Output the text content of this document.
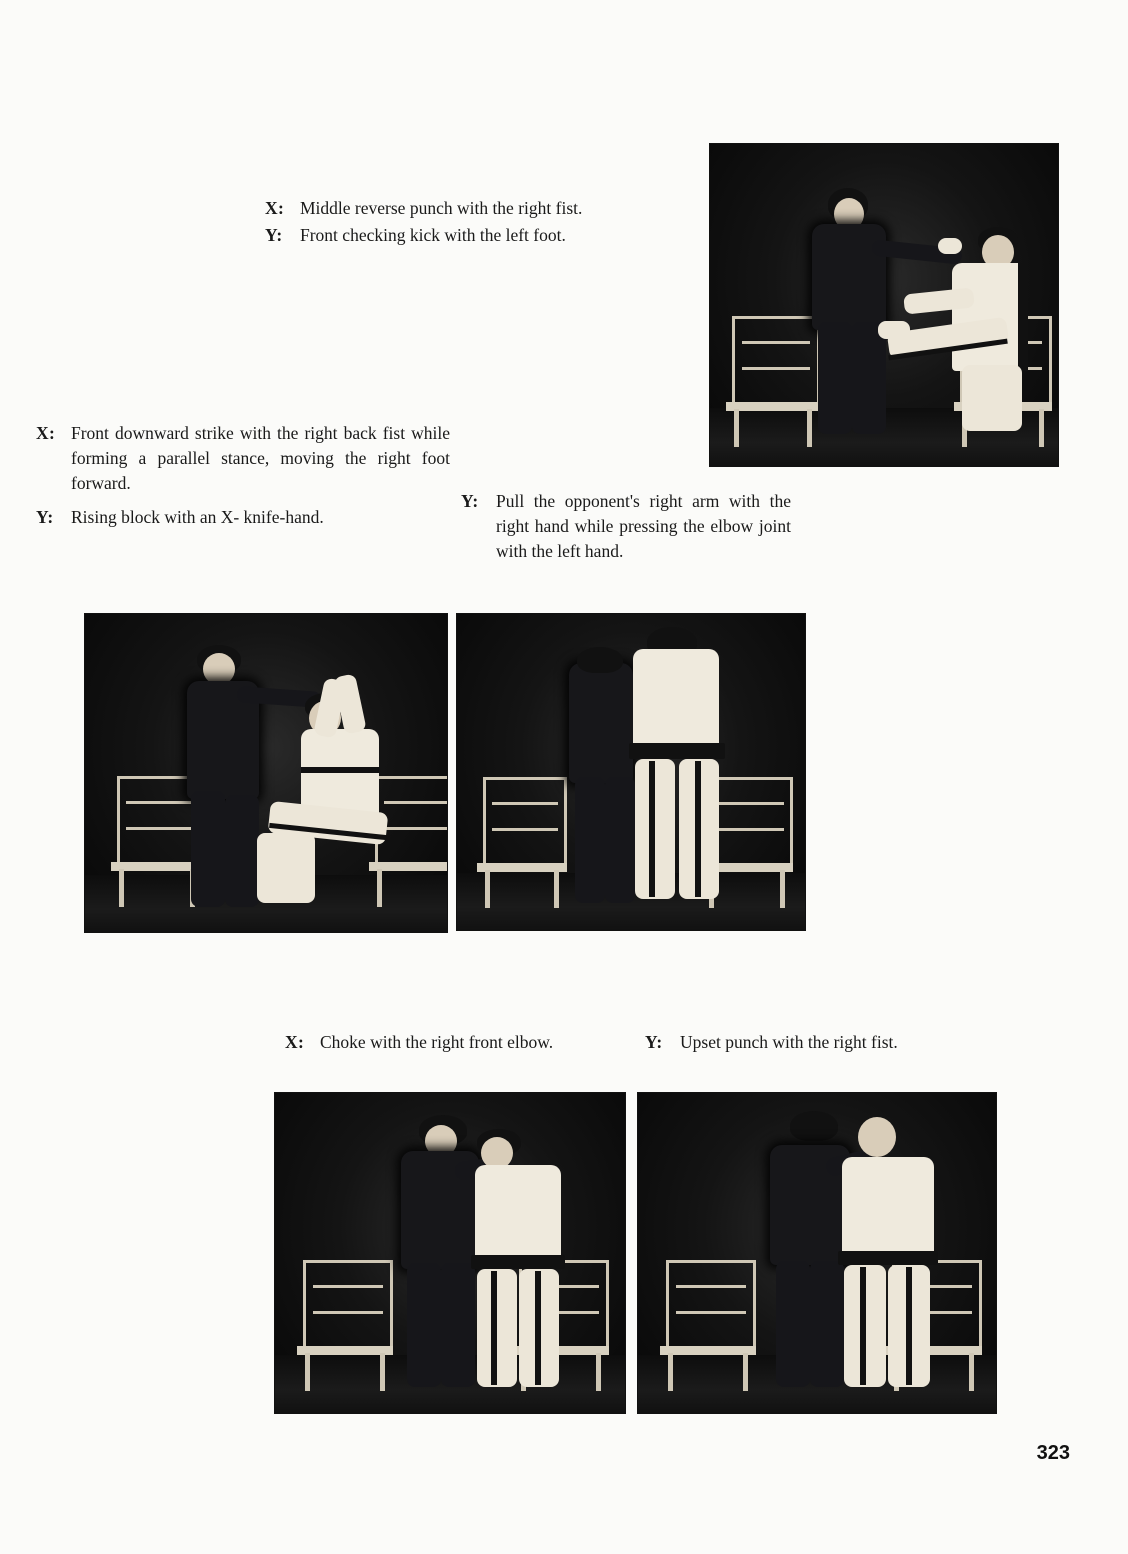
X: Middle reverse punch with the right fist.
Y:	Front checking kick with the left foot.
X: Front downward strike with the right back fist while forming a parallel stance, moving the right foot forward.
Y:	Rising block with an X- knife-hand.
Y:	Pull the opponent's right arm with the right hand while pressing the elbow joint with the left hand.
X: Choke with the right front elbow.	Y:	Upset punch with the right fist.
323
